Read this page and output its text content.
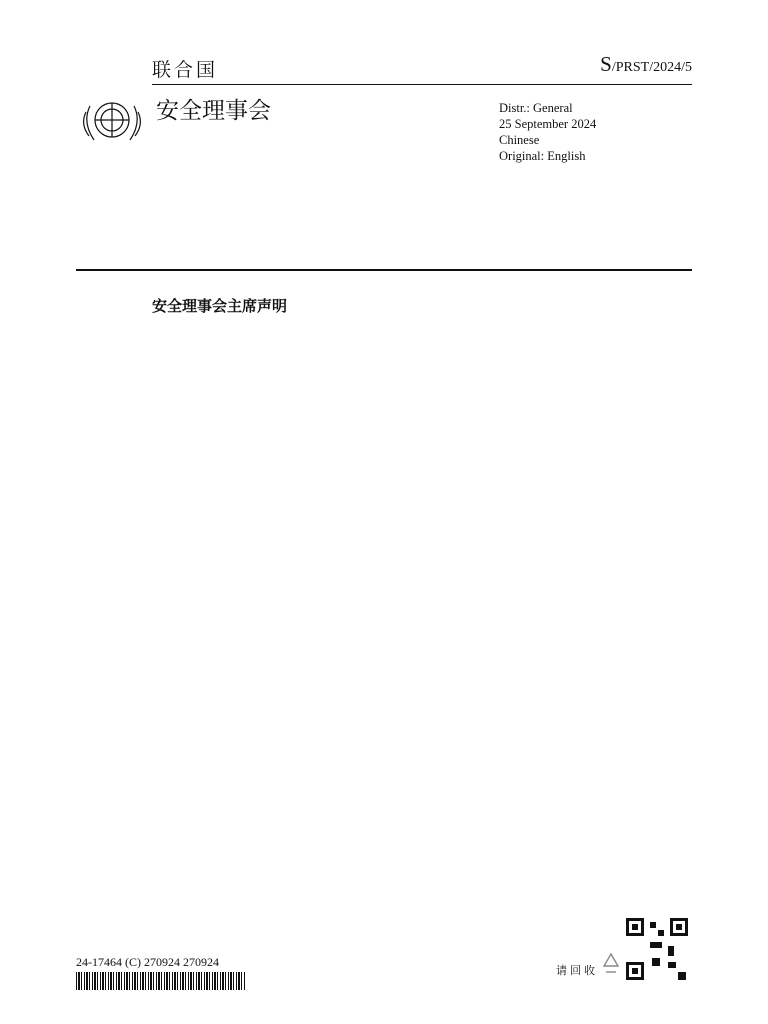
联合国	S/PRST/2024/5
安全理事会	Distr.: General
25 September 2024
Chinese
Original: English
安全理事会主席声明
24-17464 (C) 270924 270924
请回收
